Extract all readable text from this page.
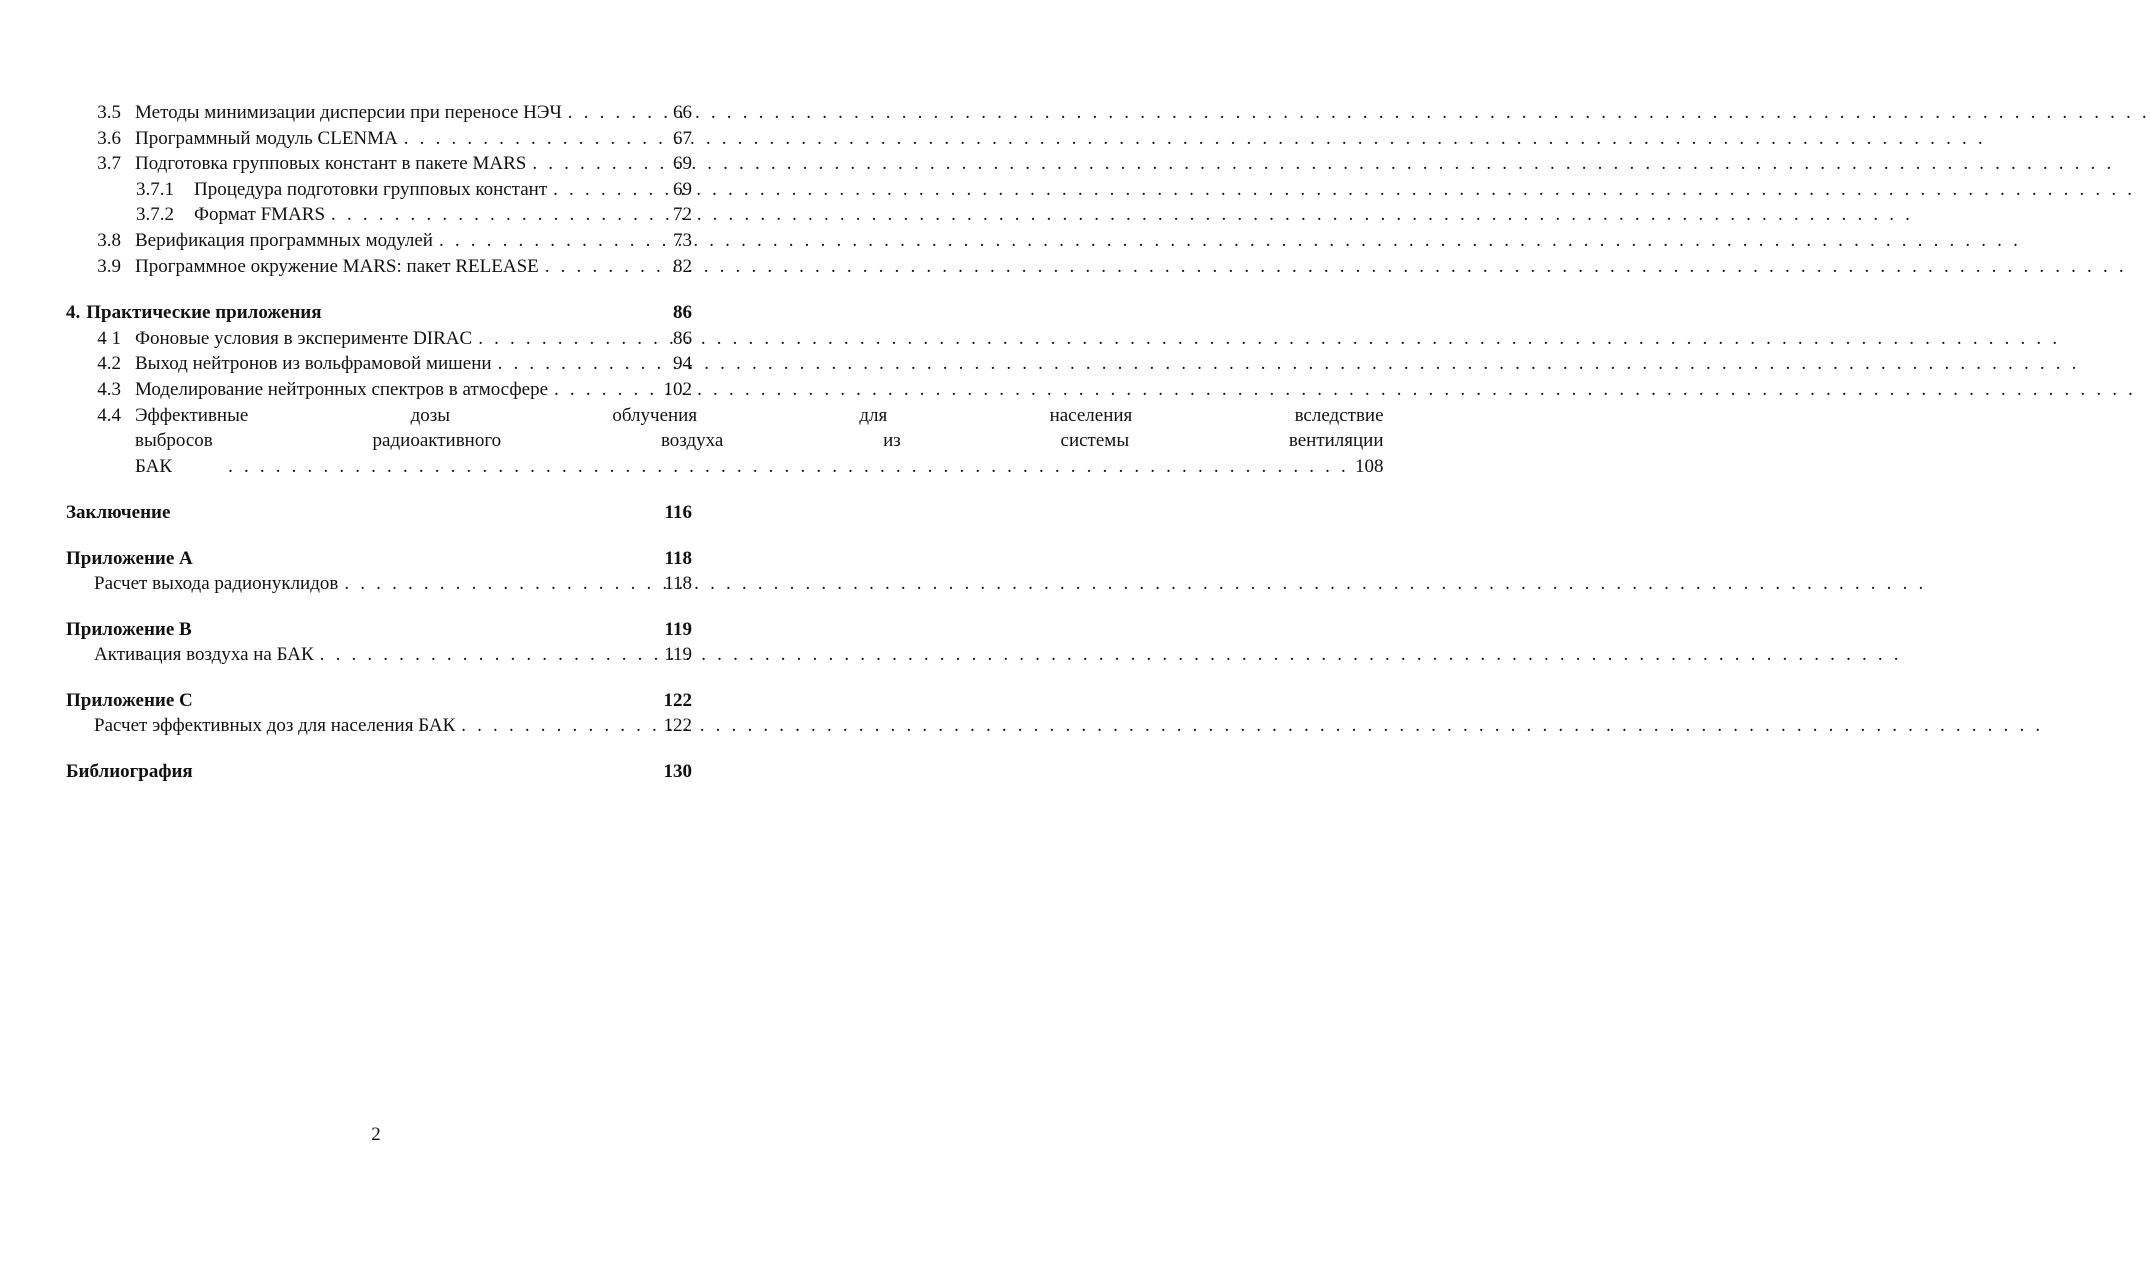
3.5 Методы минимизации дисперсии при переносе НЭЧ . . .	66
3.6 Программный модуль CLENMA . . .	67
3.7 Подготовка групповых констант в пакете MARS . . .	69
3.7.1 Процедура подготовки групповых констант . . .	69
3.7.2 Формат FMARS . . .	72
3.8 Верификация программных модулей . . .	73
3.9 Программное окружение MARS: пакет RELEASE . . .	82
4. Практические приложения	86
4 1 Фоновые условия в эксперименте DIRAC . . .	86
4.2 Выход нейтронов из вольфрамовой мишени . . .	94
4.3 Моделирование нейтронных спектров в атмосфере . . .	102
4.4 Эффективные дозы облучения для населения вследствие
выбросов радиоактивного воздуха из системы вентиляции
БАК . . .	108
Заключение	116
Приложение A	118
Расчет выхода радионуклидов . . .	118
Приложение B	119
Активация воздуха на БАК . . .	119
Приложение C	122
Расчет эффективных доз для населения БАК . . .	122
Библиография	130
2
